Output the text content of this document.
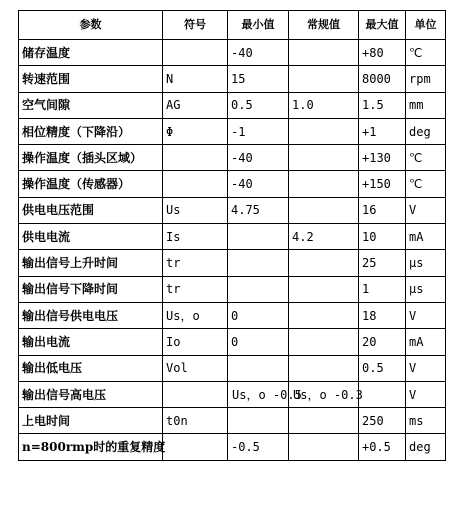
参数	符号	最小值	常规值	最大值	单位
储存温度		-40		+80	℃
转速范围	N	15		8000	rpm
空气间隙	AG	0.5	1.0	1.5	mm
相位精度（下降沿）	Φ	-1		+1	deg
操作温度（插头区域）		-40		+130	℃
操作温度（传感器）		-40		+150	℃
供电电压范围	Us	4.75		16	V
供电电流	Is		4.2	10	mA
输出信号上升时间	tr			25	μs
输出信号下降时间	tr			1	μs
输出信号供电电压	Us，o	0		18	V
输出电流	Io	0		20	mA
输出低电压	Vol			0.5	V
输出信号高电压		Us，o -0.5	Us，o -0.3		V
上电时间	t0n			250	ms
n=800rmp时的重复精度		-0.5		+0.5	deg
